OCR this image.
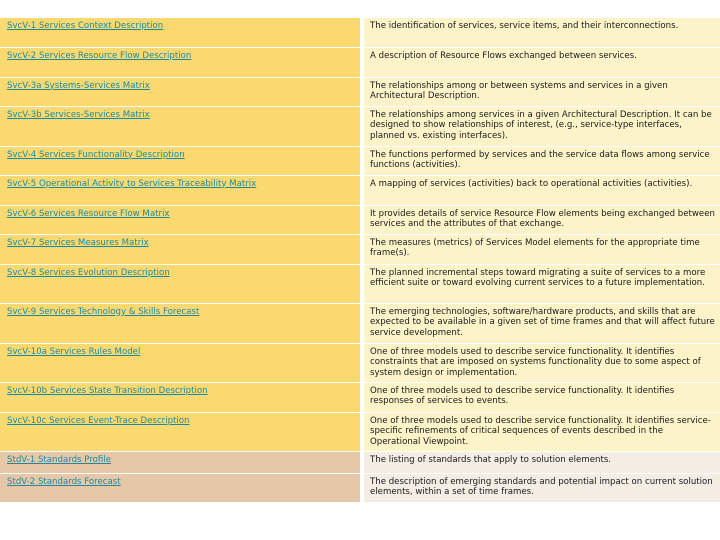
SvcV-1 Services Context Description		The identification of services, service items, and their interconnections.
SvcV-2 Services Resource Flow Description		A description of Resource Flows exchanged between services.
SvcV-3a Systems-Services Matrix		The relationships among or between systems and services in a given Architectural Description.
SvcV-3b Services-Services Matrix		The relationships among services in a given Architectural Description. It can be designed to show relationships of interest, (e.g., service-type interfaces, planned vs. existing interfaces).
SvcV-4 Services Functionality Description		The functions performed by services and the service data flows among service functions (activities).
SvcV-5 Operational Activity to Services Traceability Matrix		A mapping of services (activities) back to operational activities (activities).
SvcV-6 Services Resource Flow Matrix		It provides details of service Resource Flow elements being exchanged between services and the attributes of that exchange.
SvcV-7 Services Measures Matrix		The measures (metrics) of Services Model elements for the appropriate time frame(s).
SvcV-8 Services Evolution Description		The planned incremental steps toward migrating a suite of services to a more efficient suite or toward evolving current services to a future implementation.
SvcV-9 Services Technology & Skills Forecast		The emerging technologies, software/hardware products, and skills that are expected to be available in a given set of time frames and that will affect future service development.
SvcV-10a Services Rules Model		One of three models used to describe service functionality. It identifies constraints that are imposed on systems functionality due to some aspect of system design or implementation.
SvcV-10b Services State Transition Description		One of three models used to describe service functionality. It identifies responses of services to events.
SvcV-10c Services Event-Trace Description		One of three models used to describe service functionality. It identifies service-specific refinements of critical sequences of events described in the Operational Viewpoint.
StdV-1 Standards Profile		The listing of standards that apply to solution elements.
StdV-2 Standards Forecast		The description of emerging standards and potential impact on current solution elements, within a set of time frames.
